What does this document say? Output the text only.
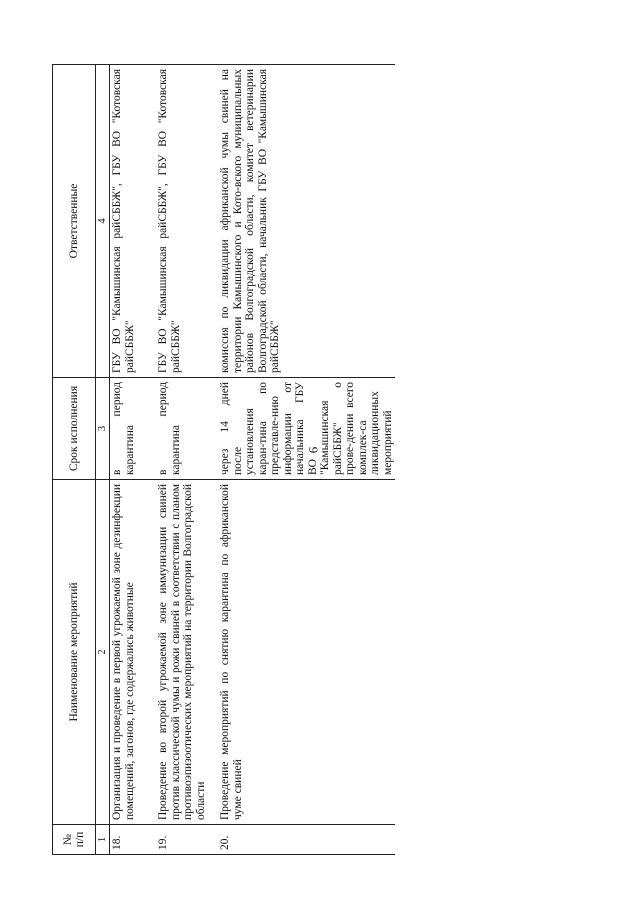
6
№ п/п	Наименование мероприятий	Срок исполнения	Ответственные
1	2	3	4
18.	Организация и проведение в первой угрожаемой зоне дезинфекции помещений, загонов, где содержались животные	в период карантина	ГБУ ВО "Камышинская райСББЖ", ГБУ ВО "Котовская райСББЖ"
19.	Проведение во второй угрожаемой зоне иммунизации свиней против классической чумы и рожи свиней в соответствии с планом противоэпизоотических мероприятий на территории Волгоградской области	в период карантина	ГБУ ВО "Камышинская райСББЖ", ГБУ ВО "Котовская райСББЖ"
20.	Проведение мероприятий по снятию карантина по африканской чуме свиней	через 14 дней после установления каран-тина по представле-нию информации от начальника ГБУ ВО "Камышинская райСББЖ" о прове-дении всего комплек-са ликвидационных мероприятий	комиссия по ликвидации африканской чумы свиней на территории Камышинского и Кото-вского муниципальных районов Волгоградской области, комитет ветеринарии Волгоградской области, начальник ГБУ ВО "Камышинская райСББЖ"
